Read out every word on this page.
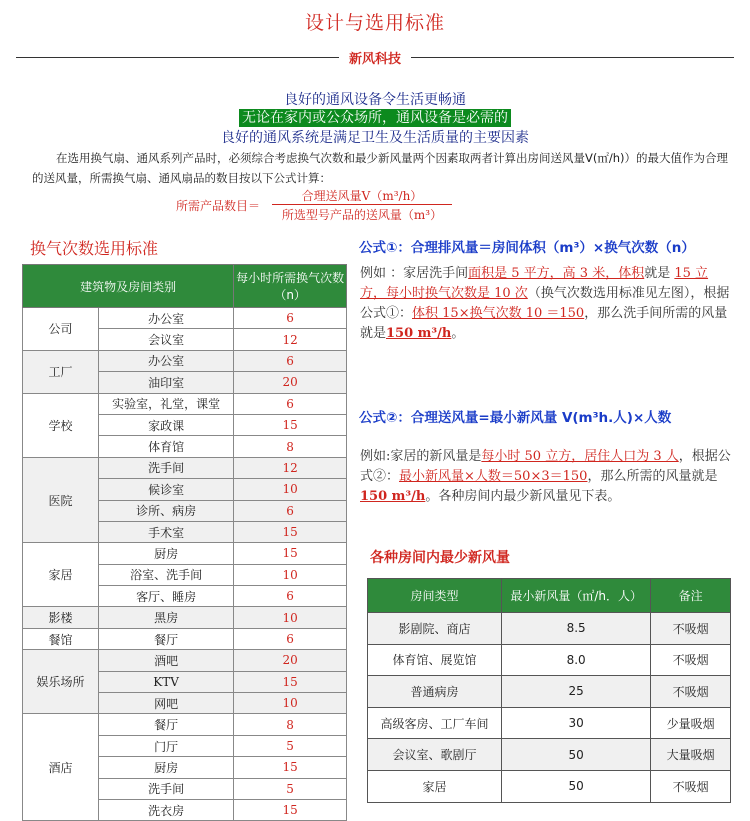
设计与选用标准
新风科技
良好的通风设备令生活更畅通
无论在家内或公众场所，通风设备是必需的
良好的通风系统是满足卫生及生活质量的主要因素
在选用换气扇、通风系列产品时，必须综合考虑换气次数和最少新风量两个因素取两者计算出房间送风量V(㎡/h)）的最大值作为合理的送风量，所需换气扇、通风扇品的数目按以下公式计算：
所需产品数目＝
合理送风量V（m³/h）
所选型号产品的送风量（m³）
换气次数选用标准
建筑物及房间类别		每小时所需换气次数（n）
公司	办公室	6
	会议室	12
工厂	办公室	6
	油印室	20
学校	实验室，礼堂，课堂	6
	家政课	15
	体育馆	8
医院	洗手间	12
	候诊室	10
	诊所、病房	6
	手术室	15
家居	厨房	15
	浴室、洗手间	10
	客厅、睡房	6
影楼	黑房	10
餐馆	餐厅	6
娱乐场所	酒吧	20
	KTV	15
	网吧	10
酒店	餐厅	8
	门厅	5
	厨房	15
	洗手间	5
	洗衣房	15
公式①：合理排风量＝房间体积（m³）×换气次数（n）
例如 ：家居洗手间面积是 5 平方，高 3 米，体积就是 15 立方，每小时换气次数是 10 次（换气次数选用标准见左图），根据公式①：体积 15×换气次数 10 ＝150，那么洗手间所需的风量就是150 m³/h。
公式②：合理送风量=最小新风量 V(m³h.人)×人数
例如:家居的新风量是每小时 50 立方，居住人口为 3 人，根据公式②：最小新风量×人数＝50×3＝150，那么所需的风量就是 150 m³/h。各种房间内最少新风量见下表。
各种房间内最少新风量
房间类型	最小新风量（㎡/h．人）	备注
影剧院、商店	8.5	不吸烟
体育馆、展览馆	8.0	不吸烟
普通病房	25	不吸烟
高级客房、工厂车间	30	少量吸烟
会议室、歌剧厅	50	大量吸烟
家居	50	不吸烟
